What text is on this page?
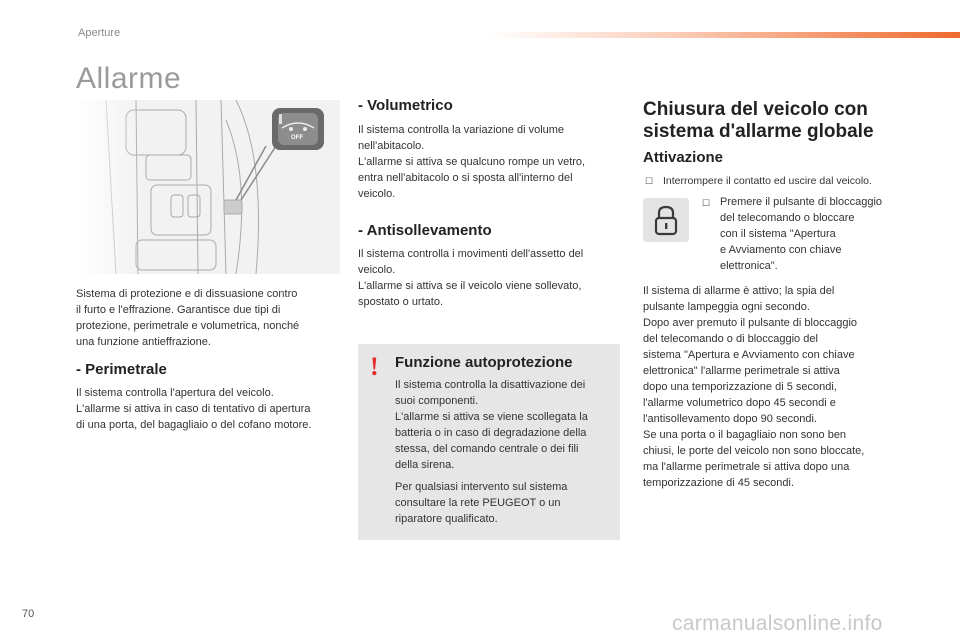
Aperture
Allarme
OFF

Sistema di protezione e di dissuasione contro

il furto e l'effrazione. Garantisce due tipi di

protezione, perimetrale e volumetrica, nonché

una funzione antieffrazione.

- Perimetrale

Il sistema controlla l'apertura del veicolo.

L'allarme si attiva in caso di tentativo di apertura

di una porta, del bagagliaio o del cofano motore.

- Volumetrico

Il sistema controlla la variazione di volume

nell'abitacolo.

L'allarme si attiva se qualcuno rompe un vetro,

entra nell'abitacolo o si sposta all'interno del

veicolo.

- Antisollevamento

Il sistema controlla i movimenti dell'assetto del

veicolo.

L'allarme si attiva se il veicolo viene sollevato,

spostato o urtato.

! Funzione autoprotezione

Il sistema controlla la disattivazione dei

suoi componenti.

L'allarme si attiva se viene scollegata la

batteria o in caso di degradazione della

stessa, del comando centrale o dei fili

della sirena.

Per qualsiasi intervento sul sistema

consultare la rete PEUGEOT o un

riparatore qualificato.

Chiusura del veicolo con

sistema d'allarme globale

Attivazione
☐ Interrompere il contatto ed uscire dal veicolo.
☐ Premere il pulsante di bloccaggio

del telecomando o bloccare

con il sistema "Apertura

e Avviamento con chiave

elettronica".

Il sistema di allarme è attivo; la spia del

pulsante lampeggia ogni secondo.

Dopo aver premuto il pulsante di bloccaggio

del telecomando o di bloccaggio del

sistema "Apertura e Avviamento con chiave

elettronica" l'allarme perimetrale si attiva

dopo una temporizzazione di 5 secondi,

l'allarme volumetrico dopo 45 secondi e

l'antisollevamento dopo 90 secondi.

Se una porta o il bagagliaio non sono ben

chiusi, le porte del veicolo non sono bloccate,

ma l'allarme perimetrale si attiva dopo una

temporizzazione di 45 secondi.

70	carmanualsonline.info
